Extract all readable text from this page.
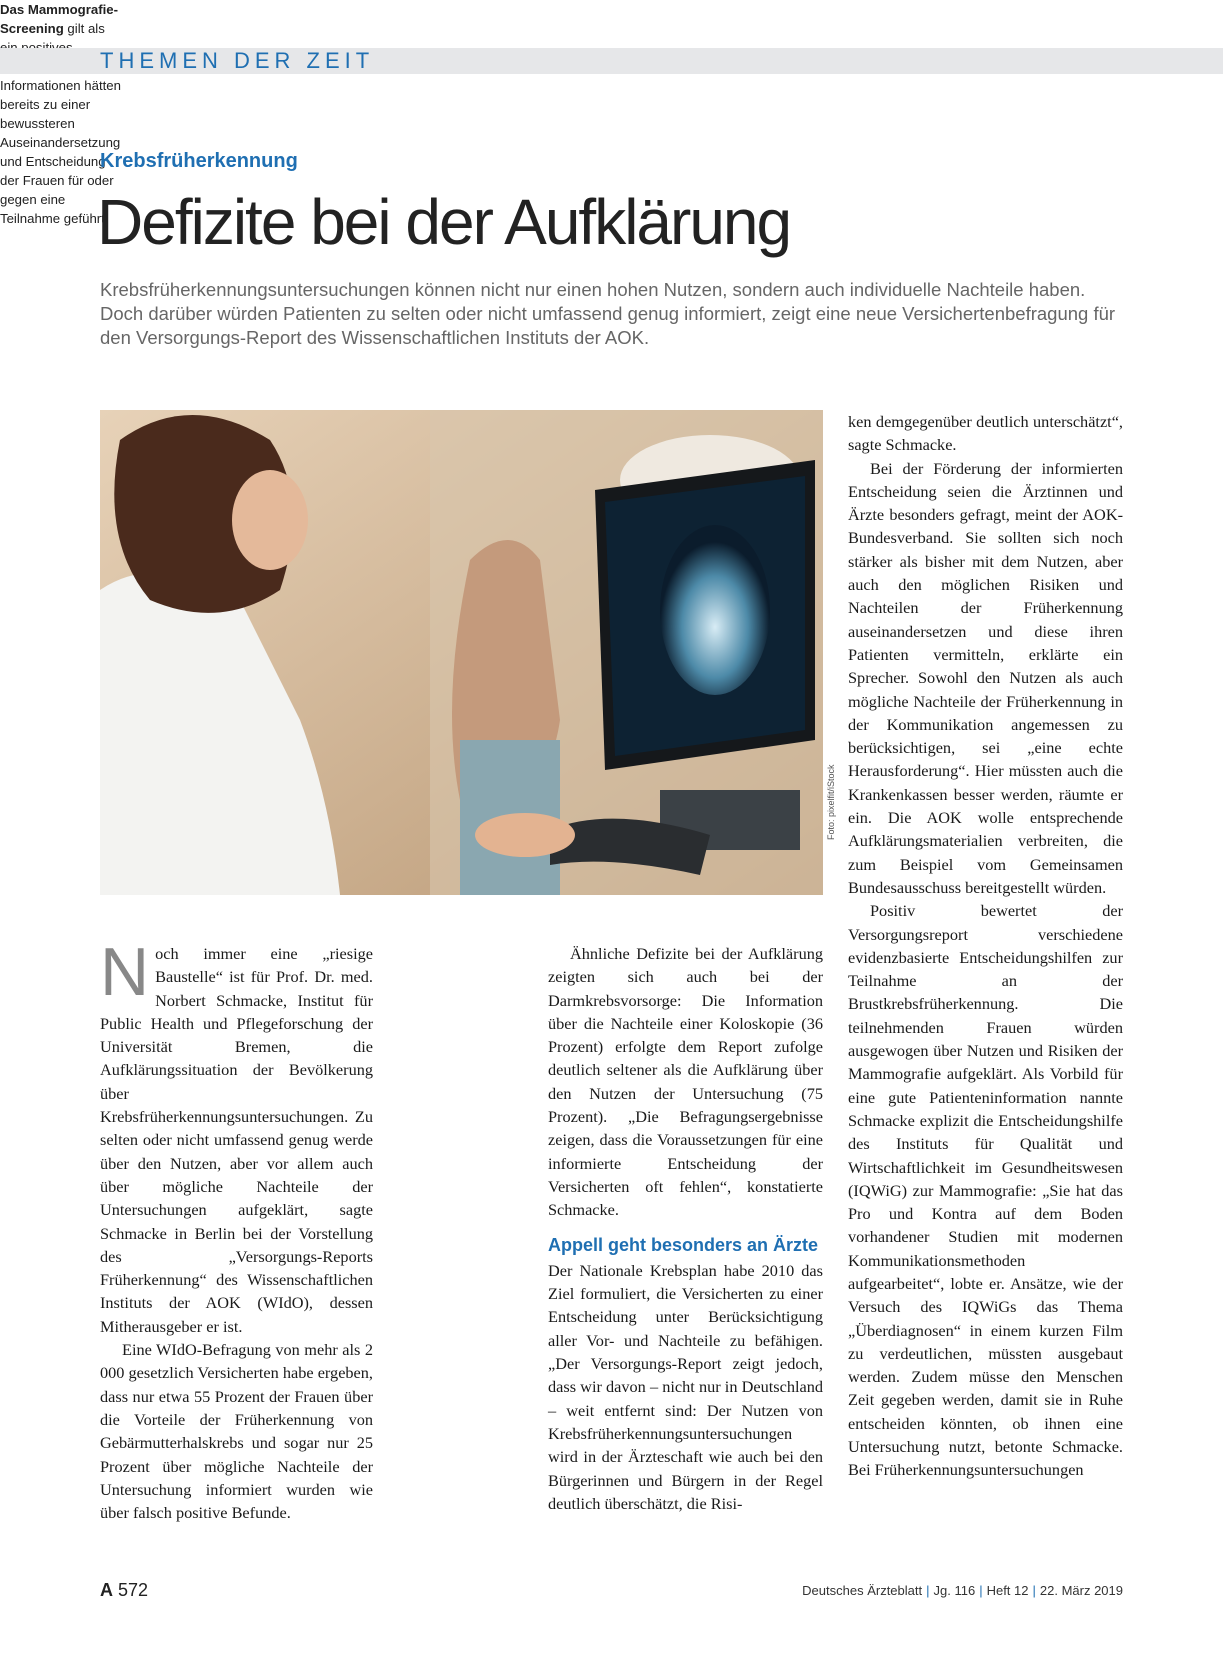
THEMEN DER ZEIT
Krebsfrüherkennung
Defizite bei der Aufklärung
Krebsfrüherkennungsuntersuchungen können nicht nur einen hohen Nutzen, sondern auch individuelle Nachteile haben. Doch darüber würden Patienten zu selten oder nicht umfassend genug informiert, zeigt eine neue Versichertenbefragung für den Versorgungs-Report des Wissenschaftlichen Instituts der AOK.
Foto: pixelfit/iStock

Noch immer eine „riesige Baustelle“ ist für Prof. Dr. med. Norbert Schmacke, Institut für Public Health und Pflegeforschung der Universität Bremen, die Aufklärungssituation der Bevölkerung über Krebsfrüherkennungsuntersuchungen. Zu selten oder nicht umfassend genug werde über den Nutzen, aber vor allem auch über mögliche Nachteile der Untersuchungen aufgeklärt, sagte Schmacke in Berlin bei der Vorstellung des „Versorgungs-Reports Früherkennung“ des Wissenschaftlichen Instituts der AOK (WIdO), dessen Mitherausgeber er ist.

Eine WIdO-Befragung von mehr als 2 000 gesetzlich Versicherten habe ergeben, dass nur etwa 55 Prozent der Frauen über die Vorteile der Früherkennung von Gebärmutterhalskrebs und sogar nur 25 Prozent über mögliche Nachteile der Untersuchung informiert wurden wie über falsch positive Befunde.

Das Mammografie-Screening gilt als Informationen hätten bereits zu einer bewussteren Auseinandersetzung und Entscheidung der Frauen für oder gegen eine Teilnahme geführt.

Ähnliche Defizite bei der Aufklärung zeigten sich auch bei der Darmkrebsvorsorge: Die Information über die Nachteile einer Koloskopie (36 Prozent) erfolgte dem Report zufolge deutlich seltener als die Aufklärung über den Nutzen der Untersuchung (75 Prozent). „Die Befragungsergebnisse zeigen, dass die Voraussetzungen für eine informierte Entscheidung der Versicherten oft fehlen“, konstatierte Schmacke.

Appell geht besonders an Ärzte

Der Nationale Krebsplan habe 2010 das Ziel formuliert, die Versicherten zu einer Entscheidung unter Berücksichtigung aller Vor- und Nachteile zu befähigen. „Der Versorgungs-Report zeigt jedoch, dass wir davon – nicht nur in Deutschland – weit entfernt sind: Der Nutzen von Krebsfrüherkennungsuntersuchungen wird in der Ärzteschaft wie auch bei den Bürgerinnen und Bürgern in der Regel deutlich überschätzt, die Risi-

ken demgegenüber deutlich unterschätzt“, sagte Schmacke.

Bei der Förderung der informierten Entscheidung seien die Ärztinnen und Ärzte besonders gefragt, meint der AOK-Bundesverband. Sie sollten sich noch stärker als bisher mit dem Nutzen, aber auch den möglichen Risiken und Nachteilen der Früherkennung auseinandersetzen und diese ihren Patienten vermitteln, erklärte ein Sprecher. Sowohl den Nutzen als auch mögliche Nachteile der Früherkennung in der Kommunikation angemessen zu berücksichtigen, sei „eine echte Herausforderung“. Hier müssten auch die Krankenkassen besser werden, räumte er ein. Die AOK wolle entsprechende Aufklärungsmaterialien verbreiten, die zum Beispiel vom Gemeinsamen Bundesausschuss bereitgestellt würden.

Positiv bewertet der Versorgungsreport verschiedene evidenzbasierte Entscheidungshilfen zur Teilnahme an der Brustkrebsfrüherkennung. Die teilnehmenden Frauen würden ausgewogen über Nutzen und Risiken der Mammografie aufgeklärt. Als Vorbild für eine gute Patienteninformation nannte Schmacke explizit die Entscheidungshilfe des Instituts für Qualität und Wirtschaftlichkeit im Gesundheitswesen (IQWiG) zur Mammografie: „Sie hat das Pro und Kontra auf dem Boden vorhandener Studien mit modernen Kommunikationsmethoden aufgearbeitet“, lobte er. Ansätze, wie der Versuch des IQWiGs das Thema „Überdiagnosen“ in einem kurzen Film zu verdeutlichen, müssten ausgebaut werden. Zudem müsse den Menschen Zeit gegeben werden, damit sie in Ruhe entscheiden könnten, ob ihnen eine Untersuchung nutzt, betonte Schmacke. Bei Früherkennungsuntersuchungen

A 572	Deutsches Ärzteblatt | Jg. 116 | Heft 12 | 22. März 2019
